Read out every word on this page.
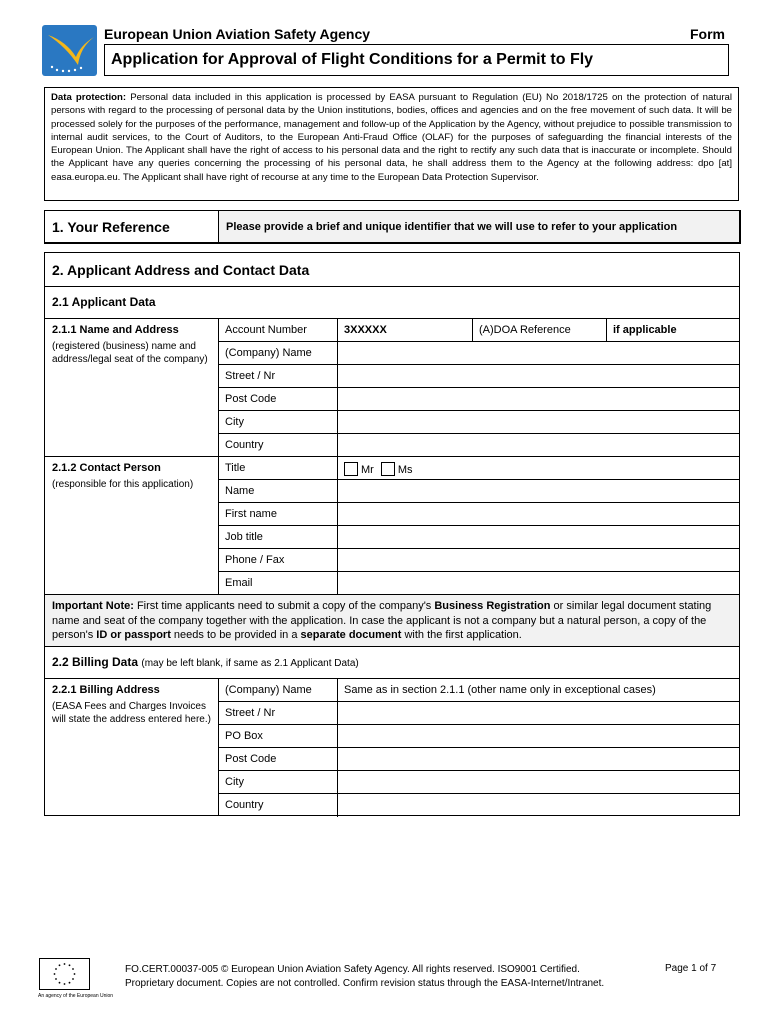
European Union Aviation Safety Agency	Form
Application for Approval of Flight Conditions for a Permit to Fly
Data protection: Personal data included in this application is processed by EASA pursuant to Regulation (EU) No 2018/1725 on the protection of natural persons with regard to the processing of personal data by the Union institutions, bodies, offices and agencies and on the free movement of such data. It will be processed solely for the purposes of the performance, management and follow-up of the Application by the Agency, without prejudice to possible transmission to internal audit services, to the Court of Auditors, to the European Anti-Fraud Office (OLAF) for the purposes of safeguarding the financial interests of the European Union. The Applicant shall have the right of access to his personal data and the right to rectify any such data that is inaccurate or incomplete. Should the Applicant have any queries concerning the processing of his personal data, he shall address them to the Agency at the following address: dpo [at] easa.europa.eu. The Applicant shall have right of recourse at any time to the European Data Protection Supervisor.
1. Your Reference	Please provide a brief and unique identifier that we will use to refer to your application
2. Applicant Address and Contact Data
2.1 Applicant Data
2.1.1 Name and Address
(registered (business) name and address/legal seat of the company)
Account Number	3XXXXX	(A)DOA Reference	if applicable
(Company) Name
Street / Nr
Post Code
City
Country
2.1.2 Contact Person
(responsible for this application)
Title	Mr Ms
Name
First name
Job title
Phone / Fax
Email
Important Note: First time applicants need to submit a copy of the company's Business Registration or similar legal document stating name and seat of the company together with the application. In case the applicant is not a company but a natural person, a copy of the person's ID or passport needs to be provided in a separate document with the first application.
2.2 Billing Data (may be left blank, if same as 2.1 Applicant Data)
2.2.1 Billing Address
(EASA Fees and Charges Invoices will state the address entered here.)
(Company) Name	Same as in section 2.1.1 (other name only in exceptional cases)
Street / Nr
PO Box
Post Code
City
Country
An agency of the European Union
FO.CERT.00037-005 © European Union Aviation Safety Agency. All rights reserved. ISO9001 Certified.
Proprietary document. Copies are not controlled. Confirm revision status through the EASA-Internet/Intranet.
Page 1 of 7
